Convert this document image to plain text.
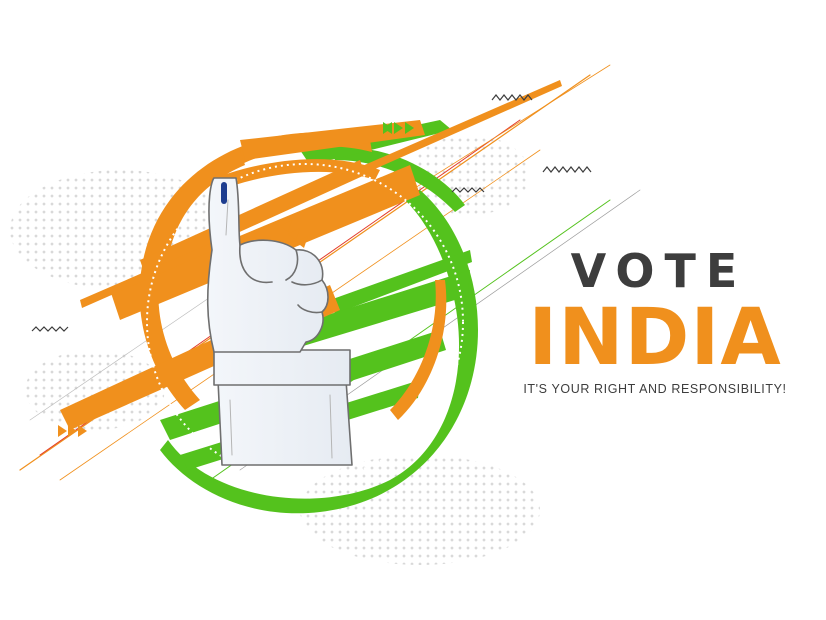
VOTE
INDIA
IT'S YOUR RIGHT AND RESPONSIBILITY!
